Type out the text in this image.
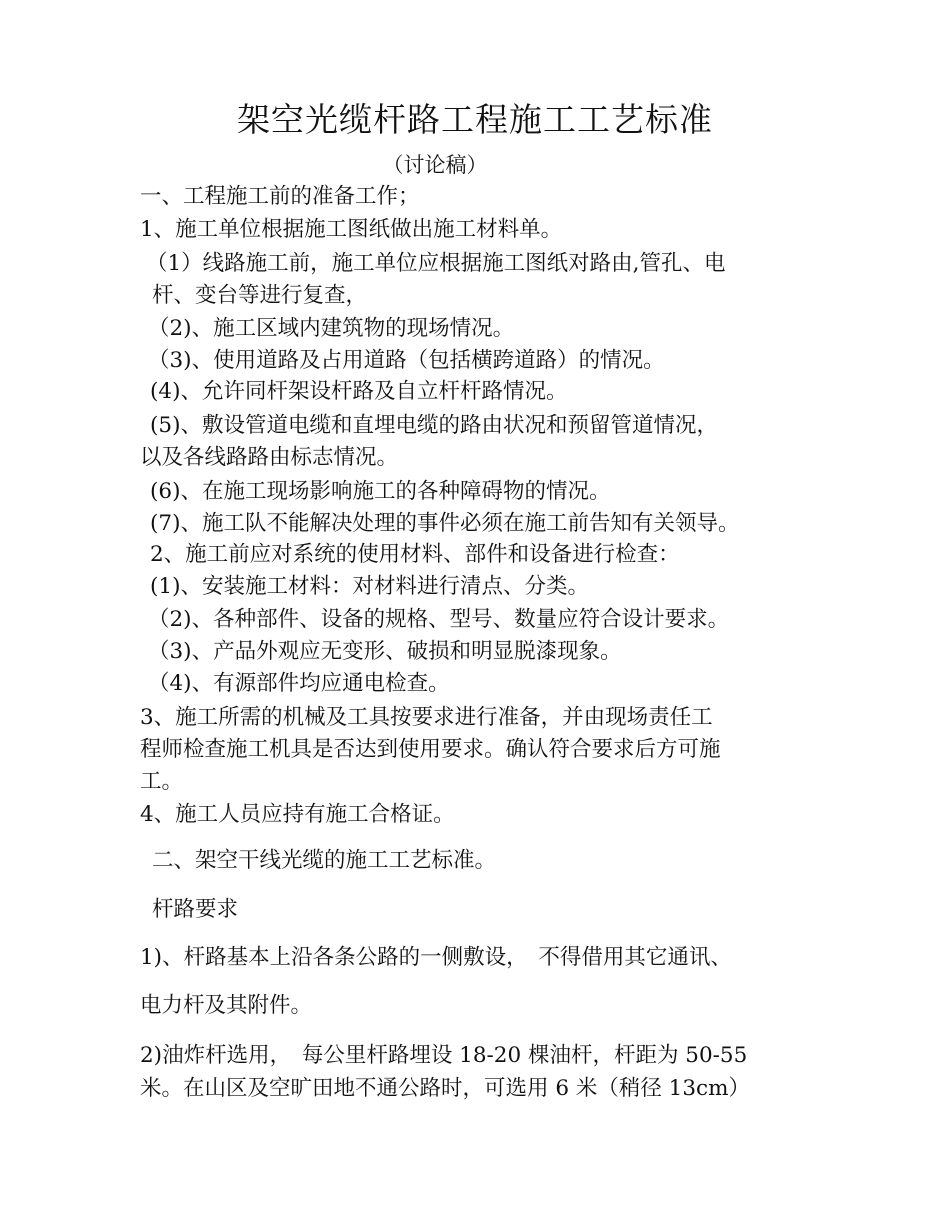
架空光缆杆路工程施工工艺标准
（讨论稿）
一、工程施工前的准备工作；
1、施工单位根据施工图纸做出施工材料单。
（1）线路施工前，施工单位应根据施工图纸对路由,管孔、电
杆、变台等进行复查，
（2)、施工区域内建筑物的现场情况。
（3)、使用道路及占用道路（包括横跨道路）的情况。
(4)、允许同杆架设杆路及自立杆杆路情况。
(5)、敷设管道电缆和直埋电缆的路由状况和预留管道情况，
以及各线路路由标志情况。
(6)、在施工现场影响施工的各种障碍物的情况。
(7)、施工队不能解决处理的事件必须在施工前告知有关领导。
2、施工前应对系统的使用材料、部件和设备进行检查：
(1)、安装施工材料：对材料进行清点、分类。
（2)、各种部件、设备的规格、型号、数量应符合设计要求。
（3)、产品外观应无变形、破损和明显脱漆现象。
（4)、有源部件均应通电检查。
3、施工所需的机械及工具按要求进行准备，并由现场责任工
程师检查施工机具是否达到使用要求。确认符合要求后方可施
工。
4、施工人员应持有施工合格证。
二、架空干线光缆的施工工艺标准。
杆路要求
1)、杆路基本上沿各条公路的一侧敷设，　不得借用其它通讯、
电力杆及其附件。
2)油炸杆选用，　每公里杆路埋设 18-20 棵油杆，杆距为 50-55
米。在山区及空旷田地不通公路时，可选用 6 米（稍径 13cm）
